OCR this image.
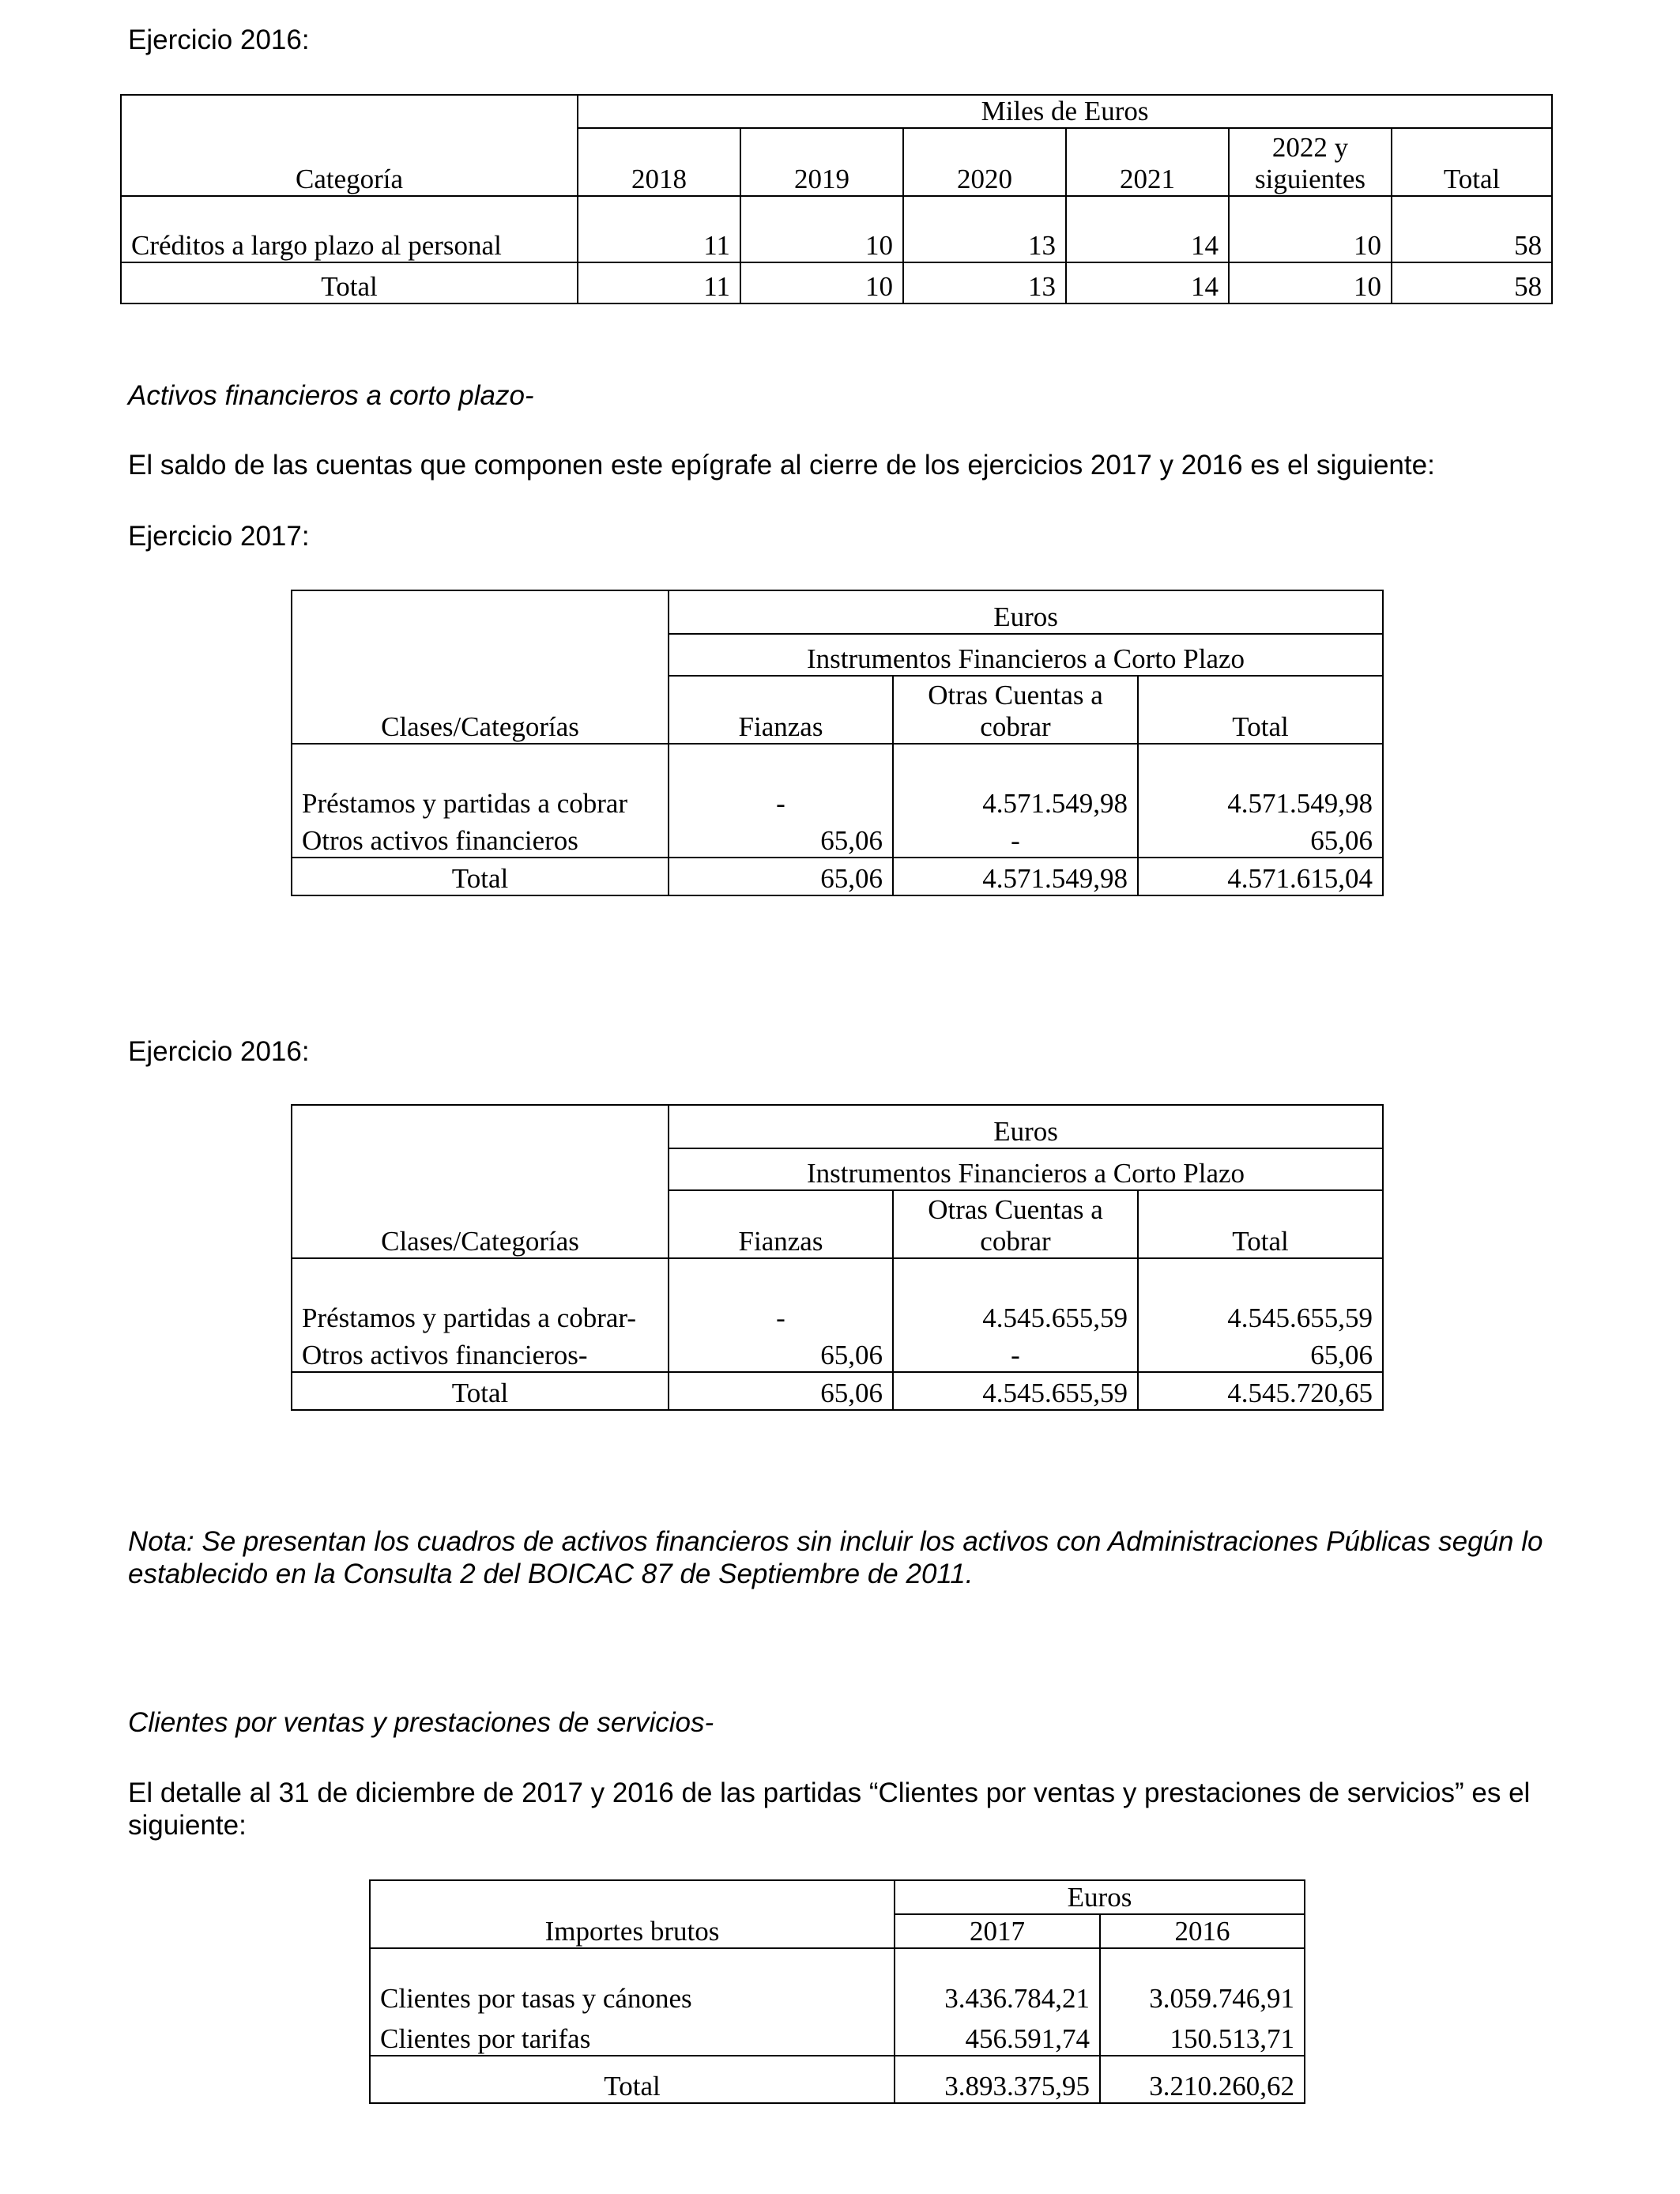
Ejercicio 2016:

Categoría	Miles de Euros					
	2018	2019	2020	2021	2022 y siguientes	Total
Créditos a largo plazo al personal	11	10	13	14	10	58
Total	11	10	13	14	10	58

Activos financieros a corto plazo-

El saldo de las cuentas que componen este epígrafe al cierre de los ejercicios 2017 y 2016 es el siguiente:

Ejercicio 2017:

Clases/Categorías	Euros		
	Instrumentos Financieros a Corto Plazo		
	Fianzas	Otras Cuentas a cobrar	Total
Préstamos y partidas a cobrar	-	4.571.549,98	4.571.549,98
Otros activos financieros	65,06	-	65,06
Total	65,06	4.571.549,98	4.571.615,04

Ejercicio 2016:

Clases/Categorías	Euros		
	Instrumentos Financieros a Corto Plazo		
	Fianzas	Otras Cuentas a cobrar	Total
Préstamos y partidas a cobrar-	-	4.545.655,59	4.545.655,59
Otros activos financieros-	65,06	-	65,06
Total	65,06	4.545.655,59	4.545.720,65

Nota: Se presentan los cuadros de activos financieros sin incluir los activos con Administraciones Públicas según lo establecido en la Consulta 2 del BOICAC 87 de Septiembre de 2011.

Clientes por ventas y prestaciones de servicios-

El detalle al 31 de diciembre de 2017 y 2016 de las partidas “Clientes por ventas y prestaciones de servicios” es el siguiente:

Importes brutos	Euros	
	2017	2016
Clientes por tasas y cánones	3.436.784,21	3.059.746,91
Clientes por tarifas	456.591,74	150.513,71
Total	3.893.375,95	3.210.260,62
